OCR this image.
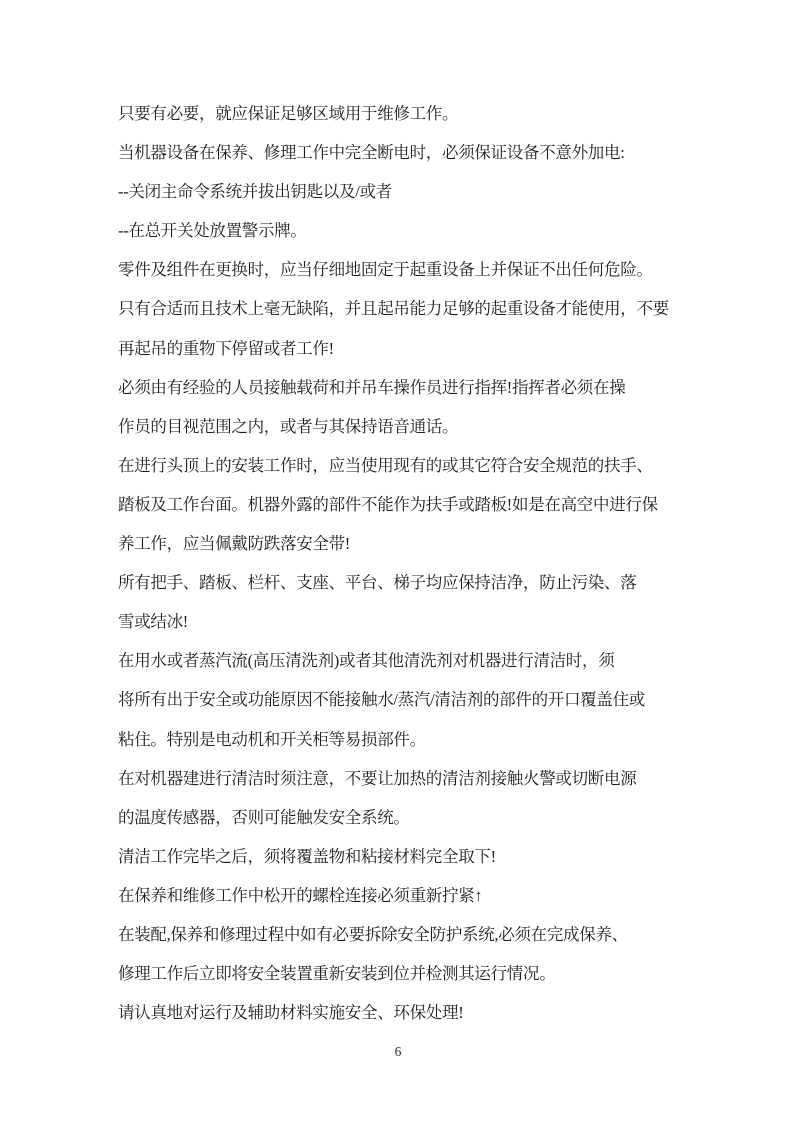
只要有必要，就应保证足够区域用于维修工作。
当机器设备在保养、修理工作中完全断电时，必须保证设备不意外加电:
--关闭主命令系统并拔出钥匙以及/或者
--在总开关处放置警示牌。
零件及组件在更换时，应当仔细地固定于起重设备上并保证不出任何危险。
只有合适而且技术上毫无缺陷，并且起吊能力足够的起重设备才能使用，不要
再起吊的重物下停留或者工作!
必须由有经验的人员接触载荷和并吊车操作员进行指挥!指挥者必须在操
作员的目视范围之内，或者与其保持语音通话。
在进行头顶上的安装工作时，应当使用现有的或其它符合安全规范的扶手、
踏板及工作台面。机器外露的部件不能作为扶手或踏板!如是在高空中进行保
养工作，应当佩戴防跌落安全带!
所有把手、踏板、栏杆、支座、平台、梯子均应保持洁净，防止污染、落
雪或结冰!
在用水或者蒸汽流(高压清洗剂)或者其他清洗剂对机器进行清洁时，须
将所有出于安全或功能原因不能接触水/蒸汽/清洁剂的部件的开口覆盖住或
粘住。特别是电动机和开关柜等易损部件。
在对机器建进行清洁时须注意，不要让加热的清洁剂接触火警或切断电源
的温度传感器，否则可能触发安全系统。
清洁工作完毕之后，须将覆盖物和粘接材料完全取下!
在保养和维修工作中松开的螺栓连接必须重新拧紧↑
在装配,保养和修理过程中如有必要拆除安全防护系统,必须在完成保养、
修理工作后立即将安全装置重新安装到位并检测其运行情况。
请认真地对运行及辅助材料实施安全、环保处理!
6
